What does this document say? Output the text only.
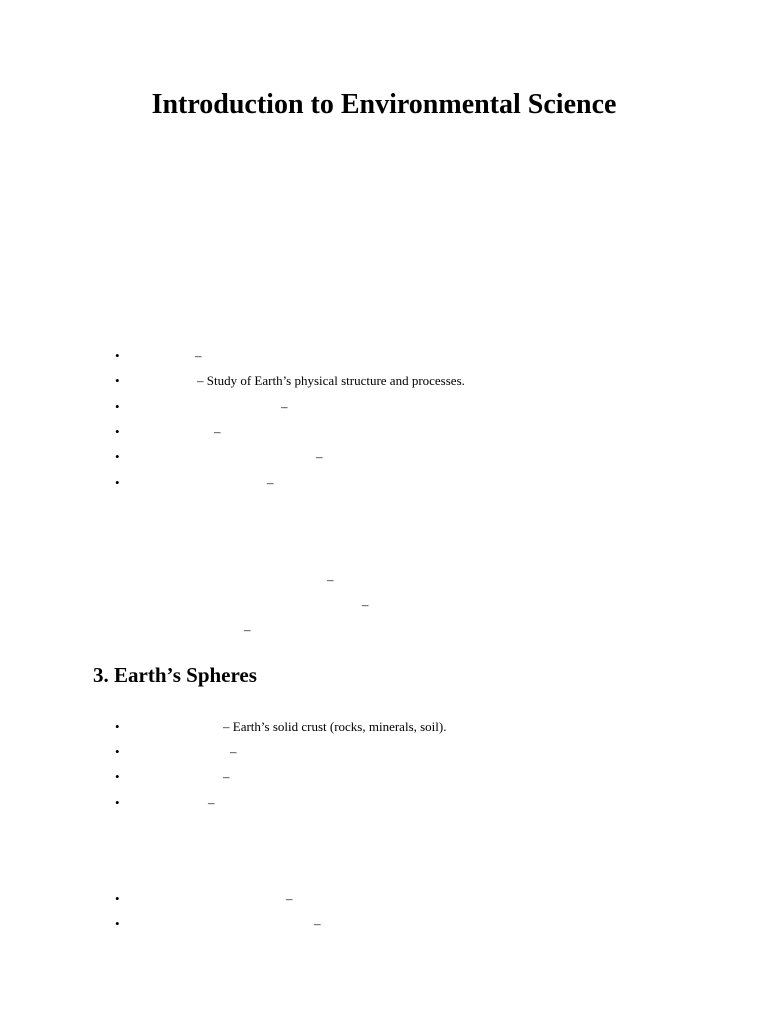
Introduction to Environmental Science
•	–
•	– Study of Earth’s physical structure and processes.
•	–
•	–
•	–
•	–
–
–
–
3. Earth’s Spheres
•	– Earth’s solid crust (rocks, minerals, soil).
•	–
•	–
•	–
•	–
•	–
